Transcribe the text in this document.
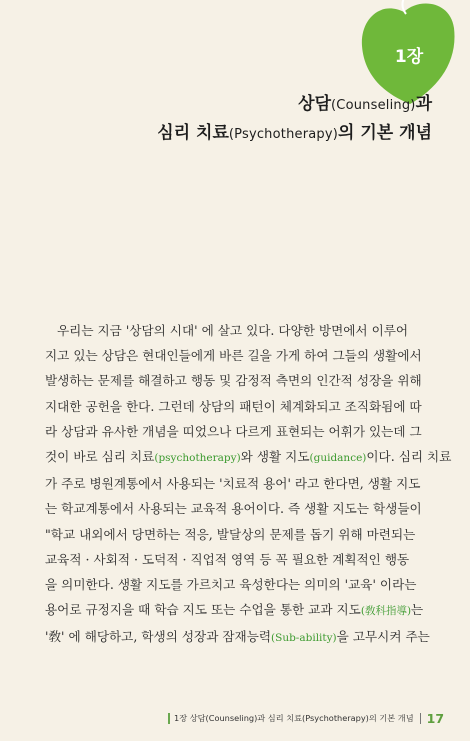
1장
상담(Counseling)과
심리 치료(Psychotherapy)의 기본 개념
우리는 지금 '상담의 시대' 에 살고 있다. 다양한 방면에서 이루어
지고 있는 상담은 현대인들에게 바른 길을 가게 하여 그들의 생활에서
발생하는 문제를 해결하고 행동 및 감정적 측면의 인간적 성장을 위해
지대한 공헌을 한다. 그런데 상담의 패턴이 체계화되고 조직화됨에 따
라 상담과 유사한 개념을 띠었으나 다르게 표현되는 어휘가 있는데 그
것이 바로 심리 치료(psychotherapy)와 생활 지도(guidance)이다. 심리 치료
가 주로 병원계통에서 사용되는 '치료적 용어' 라고 한다면, 생활 지도
는 학교계통에서 사용되는 교육적 용어이다. 즉 생활 지도는 학생들이
"학교 내외에서 당면하는 적응, 발달상의 문제를 돕기 위해 마련되는
교육적 · 사회적 · 도덕적 · 직업적 영역 등 꼭 필요한 계획적인 행동
을 의미한다. 생활 지도를 가르치고 육성한다는 의미의 '교육' 이라는
용어로 규정지을 때 학습 지도 또는 수업을 통한 교과 지도(敎科指導)는
'敎' 에 해당하고, 학생의 성장과 잠재능력(Sub-ability)을 고무시켜 주는
1장 상담(Counseling)과 심리 치료(Psychotherapy)의 기본 개념 17
